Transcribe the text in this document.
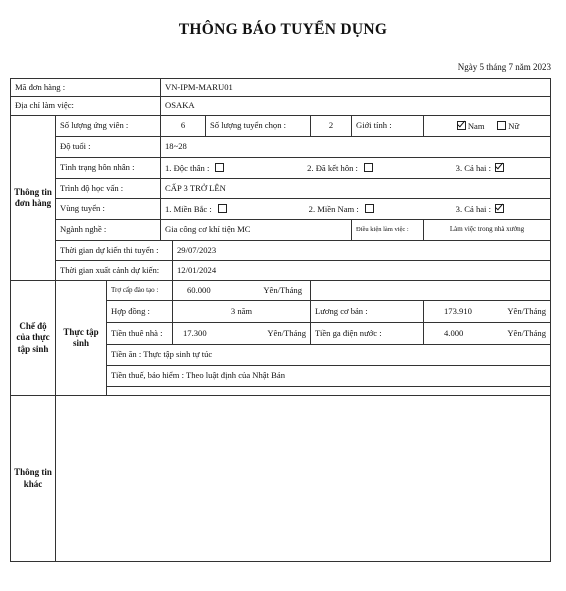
THÔNG BÁO TUYỂN DỤNG
Ngày 5 tháng 7 năm 2023
Mã đơn hàng :			VN-IPM-MARU01					
Địa chỉ làm việc:			OSAKA					
Thông tin đơn hàng	Số lượng ứng viên :		6		Số lượng tuyển chọn :	2	Giới tính :	Nam Nữ
	Độ tuổi :		18~28					
	Tình trạng hôn nhân :		1. Độc thân : 2. Đã kết hôn : 3. Cả hai :					

	Trình độ học vấn :		CẤP 3 TRỞ LÊN					
	Vùng tuyển :		1. Miền Bắc : 2. Miền Nam : 3. Cả hai :					

	Ngành nghề :		Gia công cơ khí tiện MC				Điều kiện làm việc :	Làm việc trong nhà xưởng
	Thời gian dự kiến thi tuyển :			29/07/2023				
	Thời gian xuất cảnh dự kiến:			12/01/2024				
Chế độ của thực tập sinh	Thực tập sinh	Trợ cấp đào tạo :		60.000 Yên/Tháng				

		Hợp đồng :		3 năm		Lương cơ bản :		173.910 Yên/Tháng

		Tiền thuê nhà :		17.300 Yên/Tháng		Tiền ga điện nước :		4.000 Yên/Tháng

		Tiền ăn : Thực tập sinh tự túc						
		Tiền thuế, bảo hiểm : Theo luật định của Nhật Bản						

Thông tin khác								
